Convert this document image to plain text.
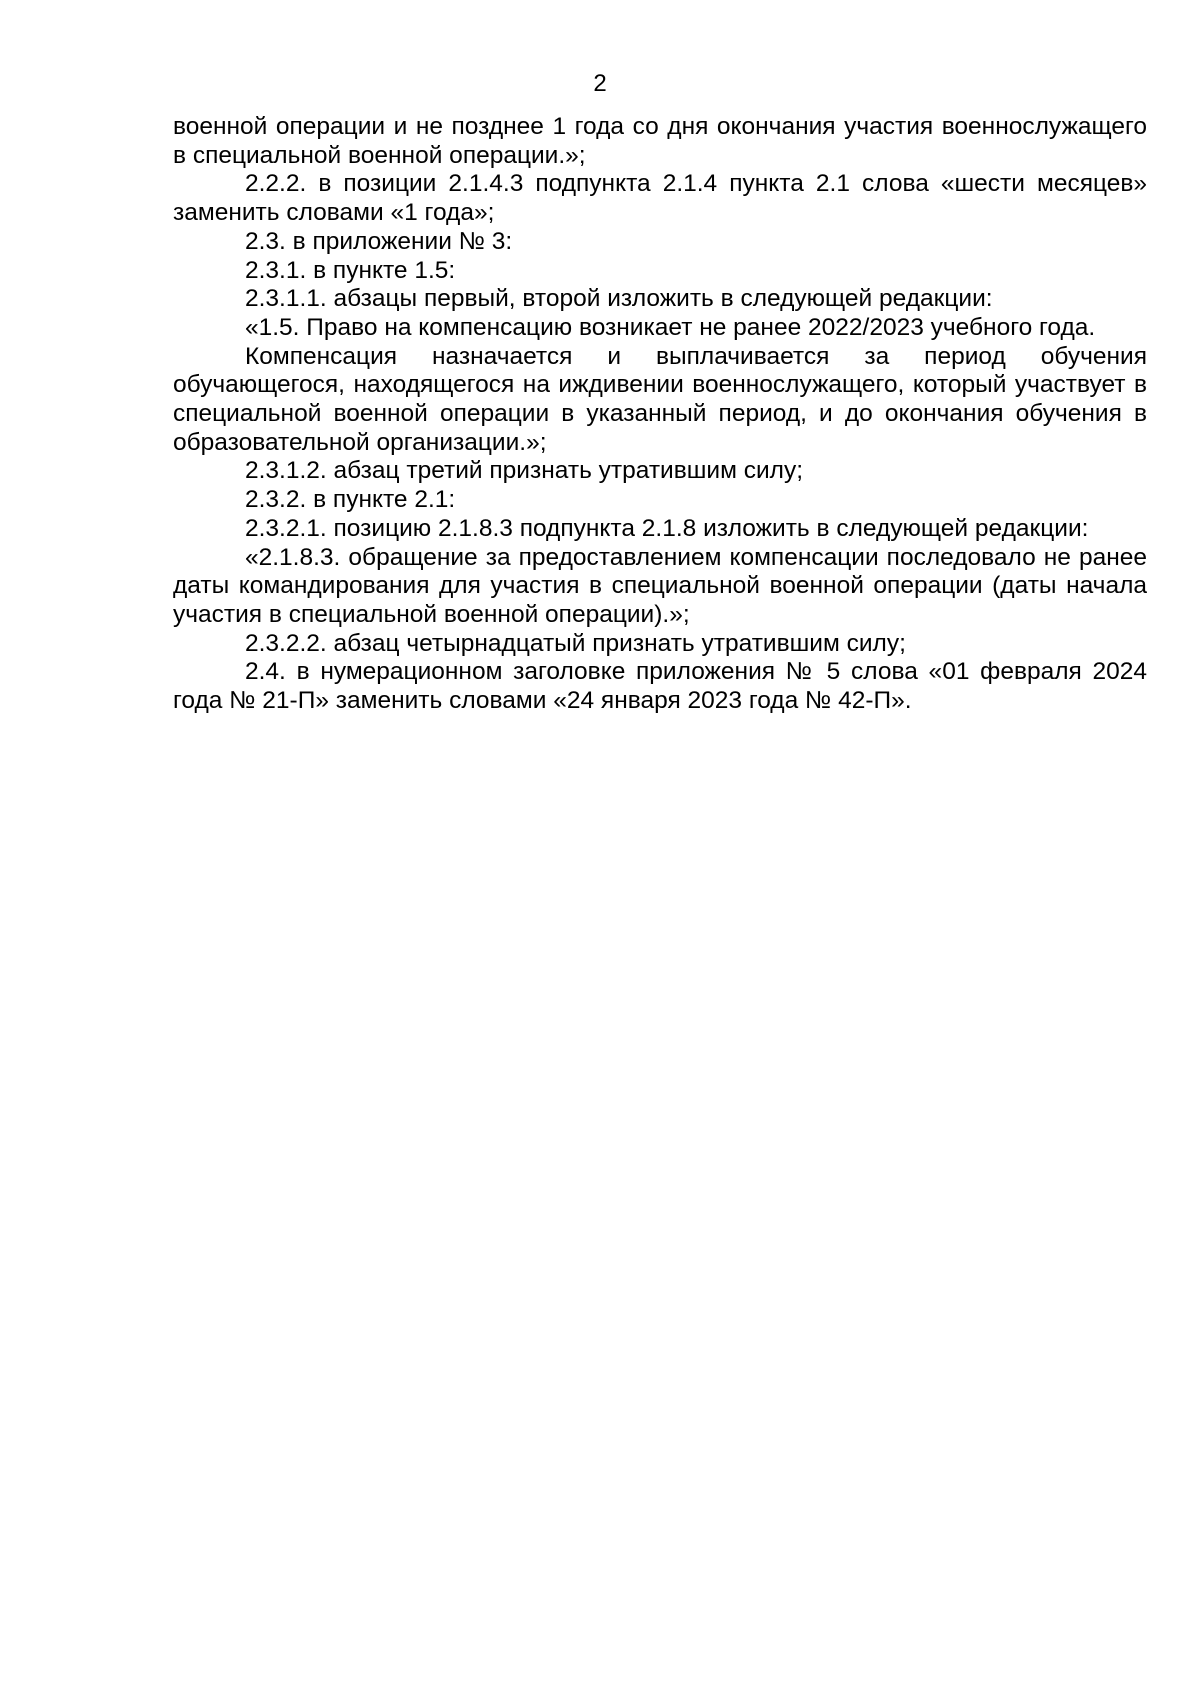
2

военной операции и не позднее 1 года со дня окончания участия военнослужащего в специальной военной операции.»;

2.2.2. в позиции 2.1.4.3 подпункта 2.1.4 пункта 2.1 слова «шести месяцев» заменить словами «1 года»;

2.3. в приложении № 3:

2.3.1. в пункте 1.5:

2.3.1.1. абзацы первый, второй изложить в следующей редакции:

«1.5. Право на компенсацию возникает не ранее 2022/2023 учебного года.

Компенсация назначается и выплачивается за период обучения обучающегося, находящегося на иждивении военнослужащего, который участвует в специальной военной операции в указанный период, и до окончания обучения в образовательной организации.»;

2.3.1.2. абзац третий признать утратившим силу;

2.3.2. в пункте 2.1:

2.3.2.1. позицию 2.1.8.3 подпункта 2.1.8 изложить в следующей редакции:

«2.1.8.3. обращение за предоставлением компенсации последовало не ранее даты командирования для участия в специальной военной операции (даты начала участия в специальной военной операции).»;

2.3.2.2. абзац четырнадцатый признать утратившим силу;

2.4. в нумерационном заголовке приложения № 5 слова «01 февраля 2024 года № 21-П» заменить словами «24 января 2023 года № 42-П».
